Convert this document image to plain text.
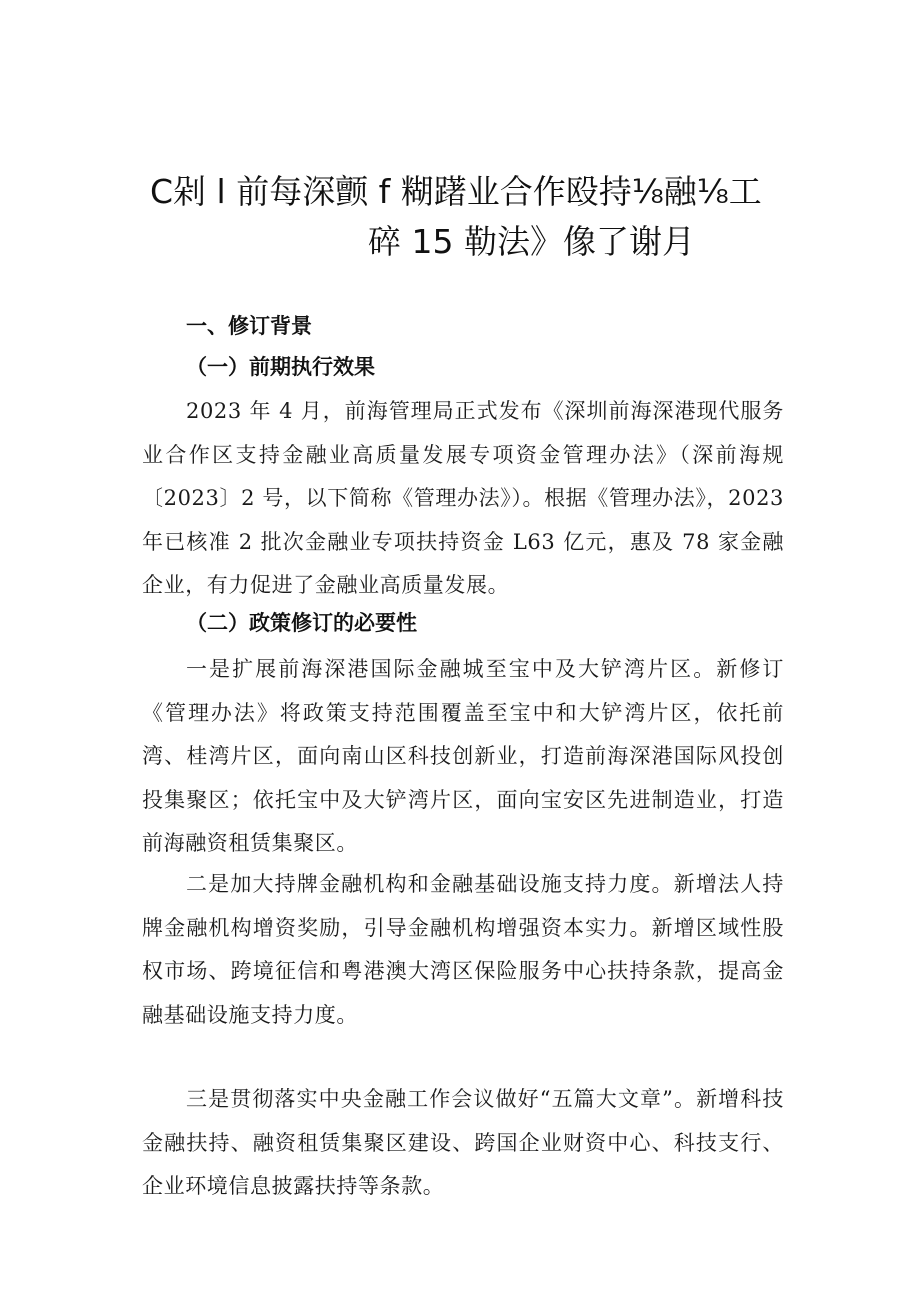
C剁 l 前每深颤 f 糊躇业合作殴持⅛融⅛工
碎 15 勒法》像了谢月
一、修订背景
（一）前期执行效果

2023 年 4 月，前海管理局正式发布《深圳前海深港现代服务业合作区支持金融业高质量发展专项资金管理办法》（深前海规〔2023〕2 号，以下简称《管理办法》）。根据《管理办法》，2023 年已核准 2 批次金融业专项扶持资金 L63 亿元，惠及 78 家金融企业，有力促进了金融业高质量发展。

（二）政策修订的必要性

一是扩展前海深港国际金融城至宝中及大铲湾片区。新修订《管理办法》将政策支持范围覆盖至宝中和大铲湾片区，依托前湾、桂湾片区，面向南山区科技创新业，打造前海深港国际风投创投集聚区；依托宝中及大铲湾片区，面向宝安区先进制造业，打造前海融资租赁集聚区。

二是加大持牌金融机构和金融基础设施支持力度。新增法人持牌金融机构增资奖励，引导金融机构增强资本实力。新增区域性股权市场、跨境征信和粤港澳大湾区保险服务中心扶持条款，提高金融基础设施支持力度。

三是贯彻落实中央金融工作会议做好“五篇大文章”。新增科技金融扶持、融资租赁集聚区建设、跨国企业财资中心、科技支行、企业环境信息披露扶持等条款。
